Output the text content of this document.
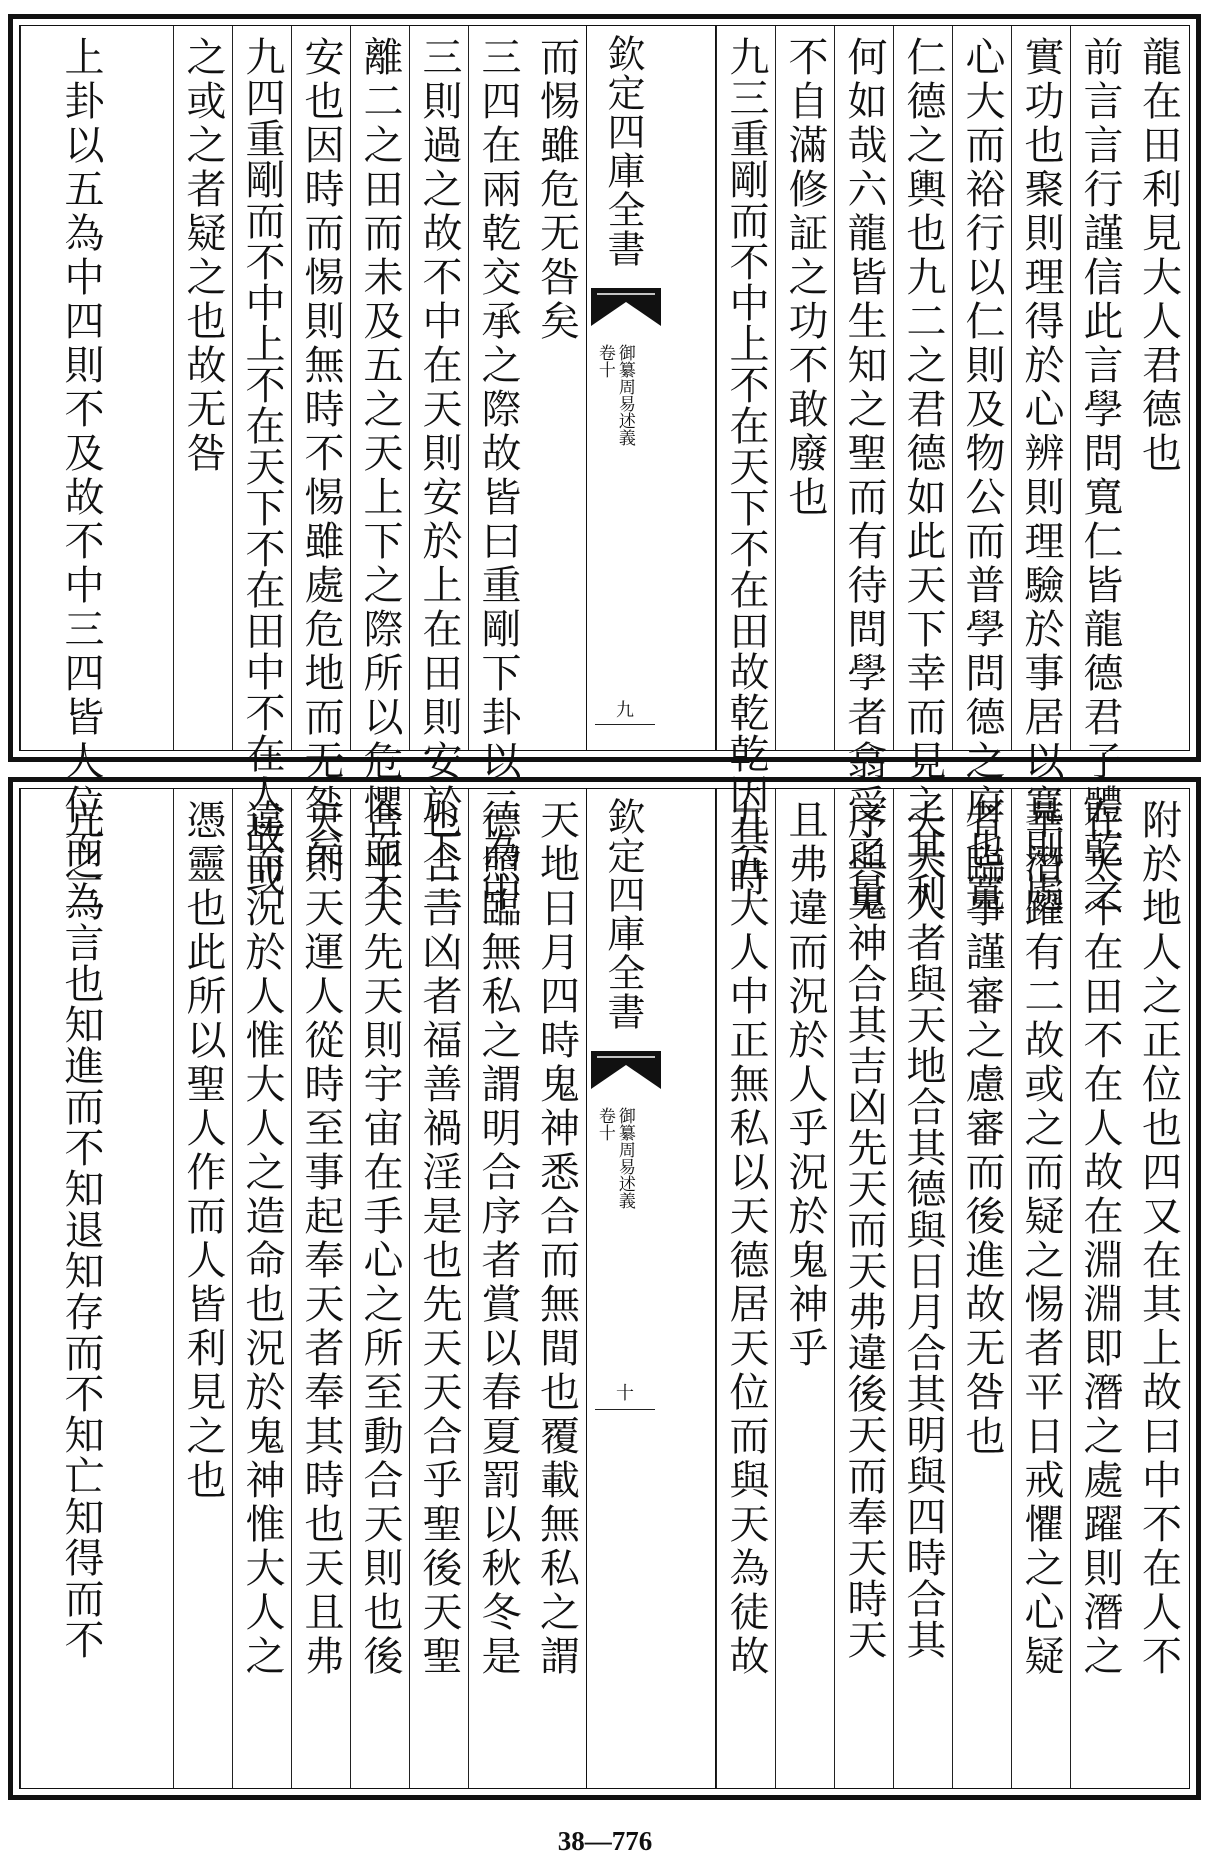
龍在田利見大人君德也
前言言行謹信此言學問寬仁皆龍德君子體乾之
實功也聚則理得於心辨則理驗於事居以寬則處
心大而裕行以仁則及物公而普學問德之府也寬
仁德之輿也九二之君德如此天下幸而見之其利
何如哉六龍皆生知之聖而有待問學者翕受之量
不自滿修証之功不敢廢也
九三重剛而不中上不在天下不在田故乾乾因其時
欽定四庫全書
御纂周易述義
卷十
九
而惕雖危无咎矣
三四在兩乾交承之際故皆曰重剛下卦以二為中
三則過之故不中在天則安於上在田則安於下三
離二之田而未及五之天上下之際所以危懼而不
安也因時而惕則無時不惕雖處危地而无咎矣
九四重剛而不中上不在天下不在田中不在人故或
之或之者疑之也故无咎
上卦以五為中四則不及故不中三四皆人位而三
附於地人之正位也四又在其上故曰中不在人不
在天不在田不在人故在淵淵即潛之處躍則潛之
華潛躍有二故或之而疑之惕者平日戒懼之心疑
者臨事謹審之慮審而後進故无咎也
夫大人者與天地合其德與日月合其明與四時合其
序與鬼神合其吉凶先天而天弗違後天而奉天時天
且弗違而況於人乎況於鬼神乎
九五大人中正無私以天德居天位而與天為徒故
欽定四庫全書
御纂周易述義
卷十
十
天地日月四時鬼神悉合而無間也覆載無私之謂
德照臨無私之謂明合序者賞以春夏罰以秋冬是
也合吉凶者福善禍淫是也先天天合乎聖後天聖
合乎天先天則宇宙在手心之所至動合天則也後
天則天運人從時至事起奉天者奉其時也天且弗
違而況於人惟大人之造命也況於鬼神惟大人之
憑靈也此所以聖人作而人皆利見之也
亢之為言也知進而不知退知存而不知亡知得而不
38—776
